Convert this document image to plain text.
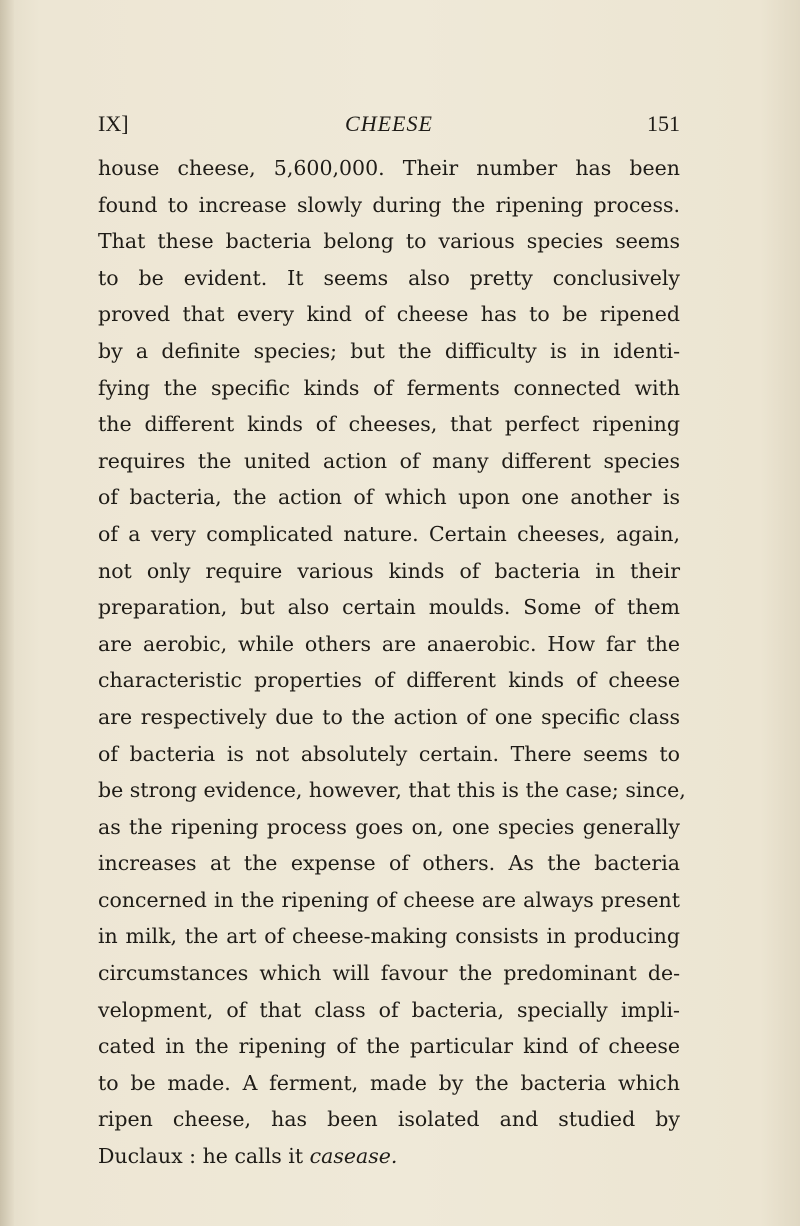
IX]	CHEESE	151
house cheese, 5,600,000. Their number has been
found to increase slowly during the ripening process.
That these bacteria belong to various species seems
to be evident. It seems also pretty conclusively
proved that every kind of cheese has to be ripened
by a definite species; but the difficulty is in identi-
fying the specific kinds of ferments connected with
the different kinds of cheeses, that perfect ripening
requires the united action of many different species
of bacteria, the action of which upon one another is
of a very complicated nature. Certain cheeses, again,
not only require various kinds of bacteria in their
preparation, but also certain moulds. Some of them
are aerobic, while others are anaerobic. How far the
characteristic properties of different kinds of cheese
are respectively due to the action of one specific class
of bacteria is not absolutely certain. There seems to
be strong evidence, however, that this is the case; since,
as the ripening process goes on, one species generally
increases at the expense of others. As the bacteria
concerned in the ripening of cheese are always present
in milk, the art of cheese-making consists in producing
circumstances which will favour the predominant de-
velopment, of that class of bacteria, specially impli-
cated in the ripening of the particular kind of cheese
to be made. A ferment, made by the bacteria which
ripen cheese, has been isolated and studied by
Duclaux : he calls it casease.
